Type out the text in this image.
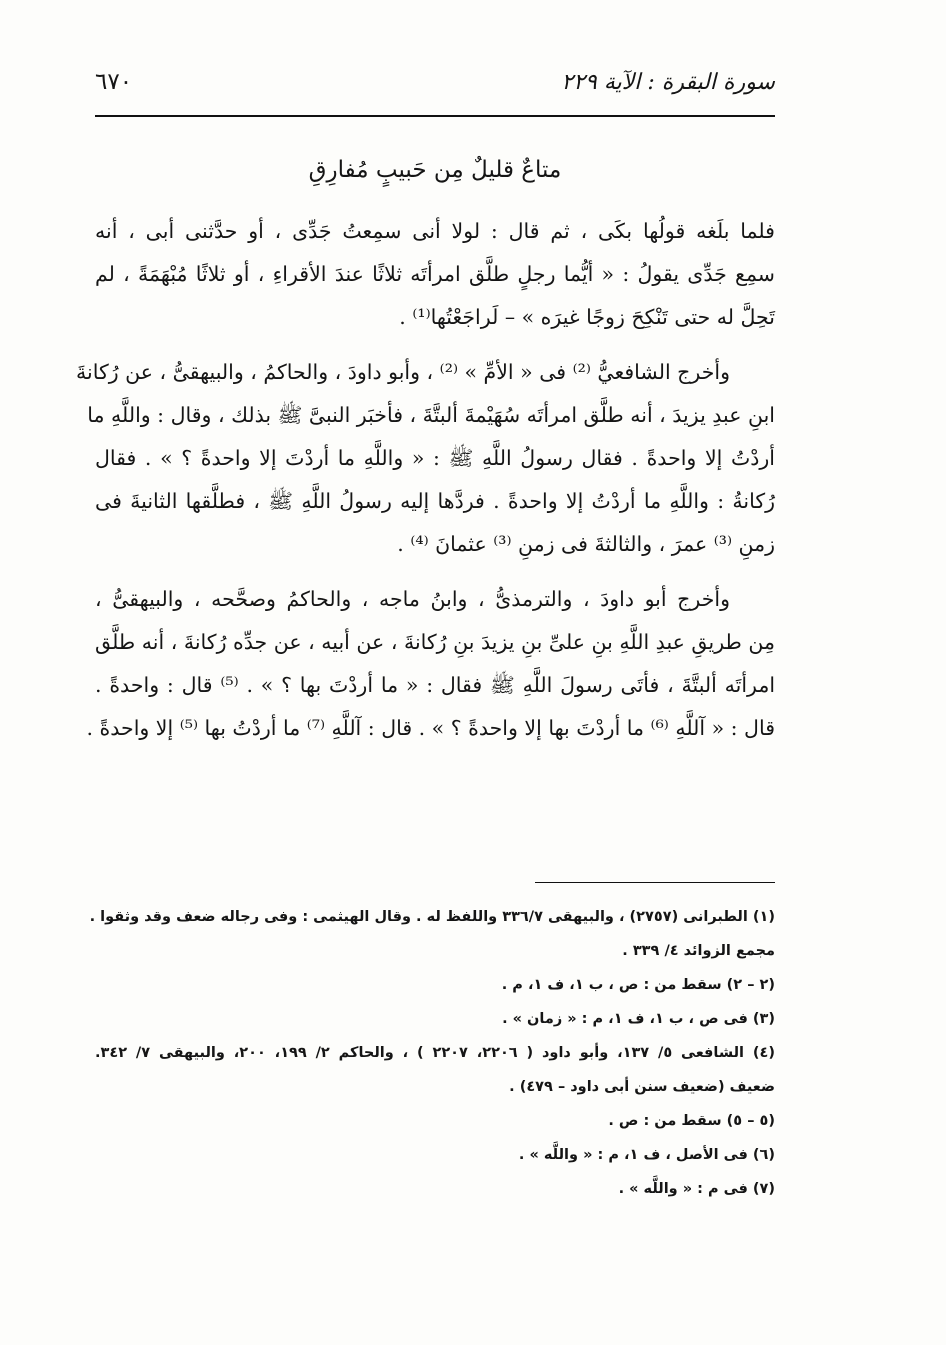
سورة البقرة : الآية ٢٢٩
٦٧٠
متاعٌ قليلٌ مِن حَبيبٍ مُفارِقِ
فلما بلَغه قولُها بكَى ، ثم قال : لولا أنى سمِعتُ جَدِّى ، أو حدَّثنى أبى ، أنه
سمِع جَدِّى يقولُ : « أيُّما رجلٍ طلَّق امرأتَه ثلاثًا عندَ الأقراءِ ، أو ثلاثًا مُبْهَمَةً ، لم
تَحِلَّ له حتى تَنْكِحَ زوجًا غيرَه » – لَراجَعْتُها⁽¹⁾ .
وأخرج الشافعيُّ ⁽²⁾ فى « الأمِّ » ⁽²⁾ ، وأبو داودَ ، والحاكمُ ، والبيهقىُّ ، عن رُكانةَ
ابنِ عبدِ يزيدَ ، أنه طلَّق امرأتَه سُهَيْمةَ ألبتَّةَ ، فأخبَر النبىَّ ﷺ بذلك ، وقال : واللَّهِ ما
أردْتُ إلا واحدةً . فقال رسولُ اللَّهِ ﷺ : « واللَّهِ ما أردْتَ إلا واحدةً ؟ » . فقال
رُكانةُ : واللَّهِ ما أردْتُ إلا واحدةً . فردَّها إليه رسولُ اللَّهِ ﷺ ، فطلَّقها الثانيةَ فى
زمنِ ⁽³⁾ عمرَ ، والثالثةَ فى زمنِ ⁽³⁾ عثمانَ ⁽⁴⁾ .
وأخرج أبو داودَ ، والترمذىُّ ، وابنُ ماجه ، والحاكمُ وصحَّحه ، والبيهقىُّ ،
مِن طريقِ عبدِ اللَّهِ بنِ علىِّ بنِ يزيدَ بنِ رُكانةَ ، عن أبيه ، عن جدِّه رُكانةَ ، أنه طلَّق
امرأتَه ألبتَّةَ ، فأتَى رسولَ اللَّهِ ﷺ فقال : « ما أردْتَ بها ؟ » . ⁽⁵⁾ قال : واحدةً .
قال : « آللَّهِ ⁽⁶⁾ ما أردْتَ بها إلا واحدةً ؟ » . قال : آللَّهِ ⁽⁷⁾ ما أردْتُ بها ⁽⁵⁾ إلا واحدةً .
(١) الطبرانى (٢٧٥٧) ، والبيهقى ٣٣٦/٧ واللفظ له . وقال الهيثمى : وفى رجاله ضعف وقد وثقوا .
مجمع الزوائد ٤/ ٣٣٩ .
(٢ – ٢) سقط من : ص ، ب ١، ف ١، م .
(٣) فى ص ، ب ١، ف ١، م : « زمان » .
(٤) الشافعى ٥/ ١٣٧، وأبو داود ( ٢٢٠٦، ٢٢٠٧ ) ، والحاكم ٢/ ١٩٩، ٢٠٠، والبيهقى ٧/ ٣٤٢.
ضعيف (ضعيف سنن أبى داود – ٤٧٩) .
(٥ – ٥) سقط من : ص .
(٦) فى الأصل ، ف ١، م : « واللَّه » .
(٧) فى م : « واللَّه » .
